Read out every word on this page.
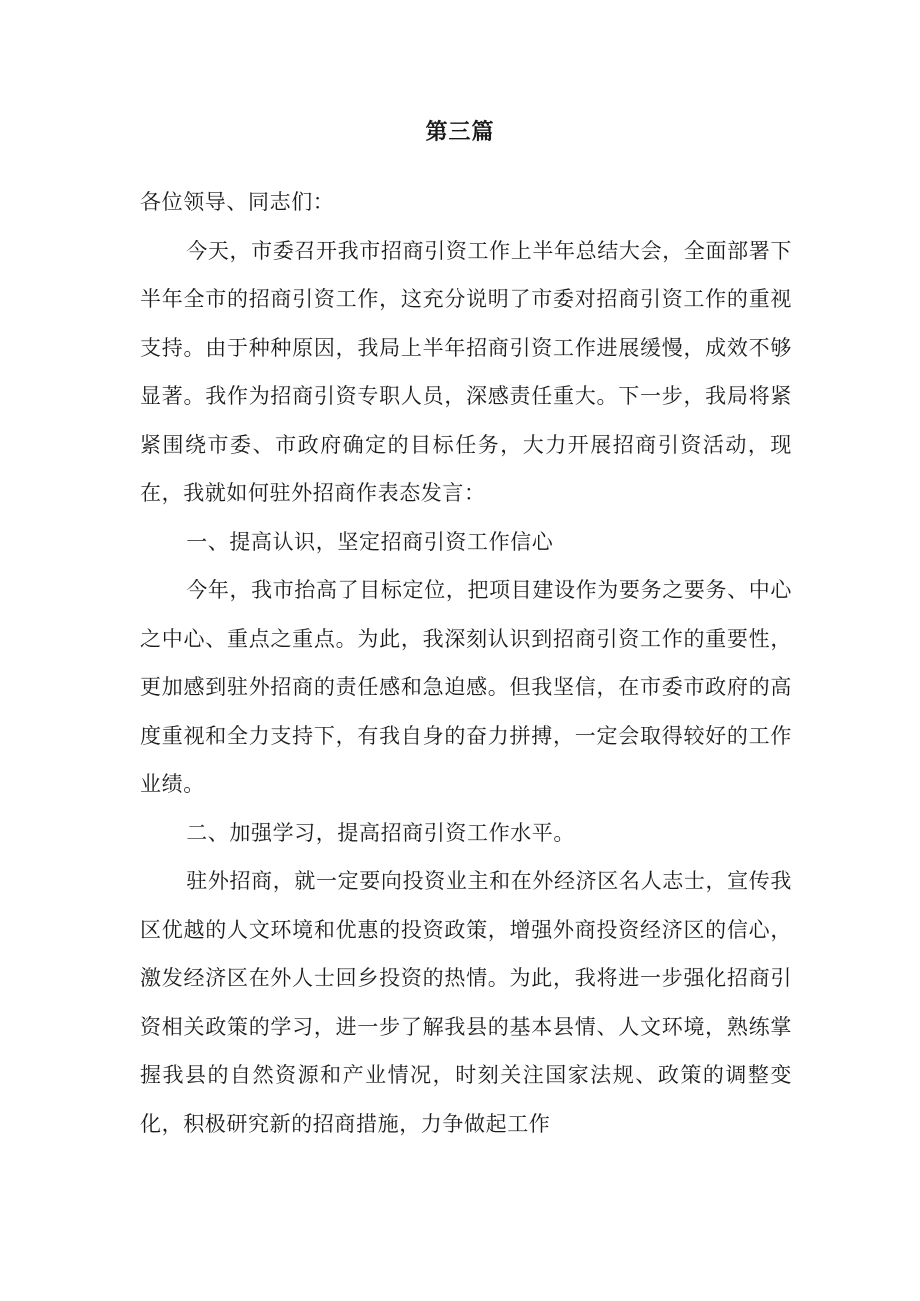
第三篇

各位领导、同志们：

今天，市委召开我市招商引资工作上半年总结大会，全面部署下半年全市的招商引资工作，这充分说明了市委对招商引资工作的重视支持。由于种种原因，我局上半年招商引资工作进展缓慢，成效不够显著。我作为招商引资专职人员，深感责任重大。下一步，我局将紧紧围绕市委、市政府确定的目标任务，大力开展招商引资活动，现在，我就如何驻外招商作表态发言：

一、提高认识，坚定招商引资工作信心

今年，我市抬高了目标定位，把项目建设作为要务之要务、中心之中心、重点之重点。为此，我深刻认识到招商引资工作的重要性，更加感到驻外招商的责任感和急迫感。但我坚信，在市委市政府的高度重视和全力支持下，有我自身的奋力拼搏，一定会取得较好的工作业绩。

二、加强学习，提高招商引资工作水平。

驻外招商，就一定要向投资业主和在外经济区名人志士，宣传我区优越的人文环境和优惠的投资政策，增强外商投资经济区的信心，激发经济区在外人士回乡投资的热情。为此，我将进一步强化招商引资相关政策的学习，进一步了解我县的基本县情、人文环境，熟练掌握我县的自然资源和产业情况，时刻关注国家法规、政策的调整变化，积极研究新的招商措施，力争做起工作
